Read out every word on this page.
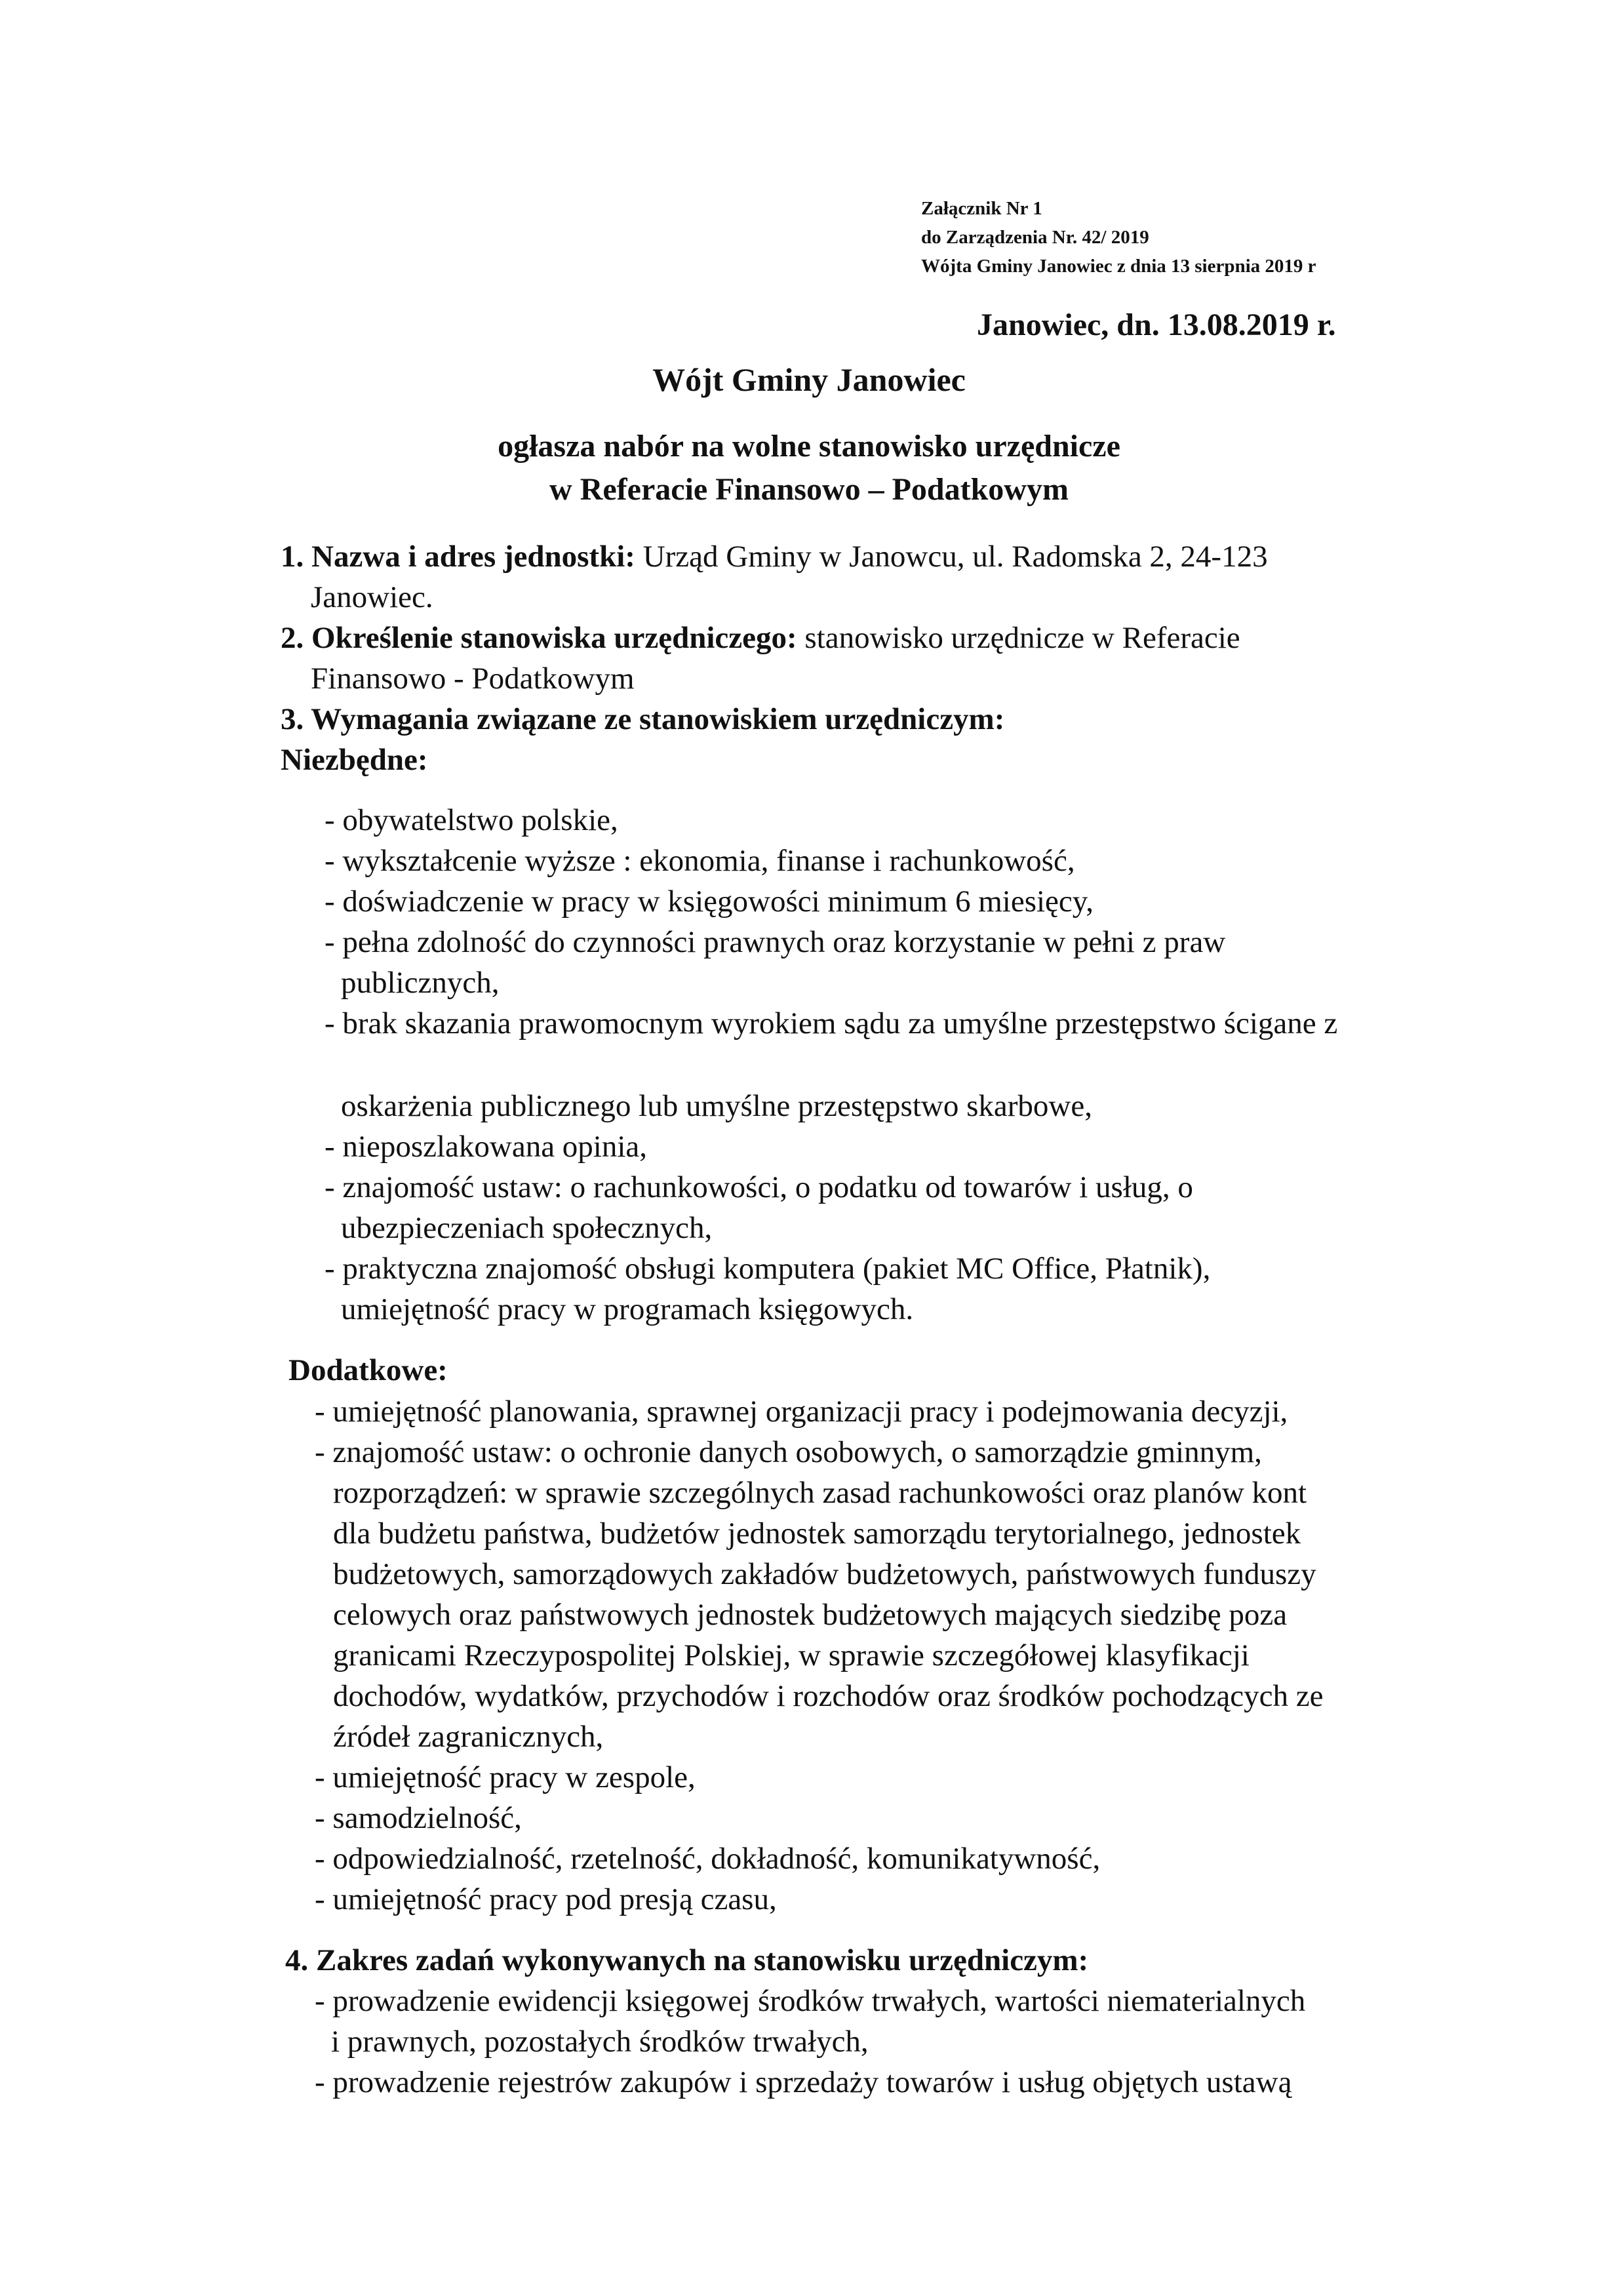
Załącznik Nr 1
do Zarządzenia Nr. 42/ 2019
Wójta Gminy Janowiec z dnia 13 sierpnia 2019 r
Janowiec, dn. 13.08.2019 r.
Wójt Gminy Janowiec
ogłasza nabór na wolne stanowisko urzędnicze
w Referacie Finansowo – Podatkowym
1. Nazwa i adres jednostki: Urząd Gminy w Janowcu, ul. Radomska 2, 24-123
Janowiec.
2. Określenie stanowiska urzędniczego: stanowisko urzędnicze w Referacie
Finansowo - Podatkowym
3. Wymagania związane ze stanowiskiem urzędniczym:
Niezbędne:
- obywatelstwo polskie,
- wykształcenie wyższe : ekonomia, finanse i rachunkowość,
- doświadczenie w pracy w księgowości minimum 6 miesięcy,
- pełna zdolność do czynności prawnych oraz korzystanie w pełni z praw
publicznych,
- brak skazania prawomocnym wyrokiem sądu za umyślne przestępstwo ścigane z
oskarżenia publicznego lub umyślne przestępstwo skarbowe,
- nieposzlakowana opinia,
- znajomość ustaw: o rachunkowości, o podatku od towarów i usług, o
ubezpieczeniach społecznych,
- praktyczna znajomość obsługi komputera (pakiet MC Office, Płatnik),
umiejętność pracy w programach księgowych.
Dodatkowe:
- umiejętność planowania, sprawnej organizacji pracy i podejmowania decyzji,
- znajomość ustaw: o ochronie danych osobowych, o samorządzie gminnym,
rozporządzeń: w sprawie szczególnych zasad rachunkowości oraz planów kont
dla budżetu państwa, budżetów jednostek samorządu terytorialnego, jednostek
budżetowych, samorządowych zakładów budżetowych, państwowych funduszy
celowych oraz państwowych jednostek budżetowych mających siedzibę poza
granicami Rzeczypospolitej Polskiej, w sprawie szczegółowej klasyfikacji
dochodów, wydatków, przychodów i rozchodów oraz środków pochodzących ze
źródeł zagranicznych,
- umiejętność pracy w zespole,
- samodzielność,
- odpowiedzialność, rzetelność, dokładność, komunikatywność,
- umiejętność pracy pod presją czasu,
4. Zakres zadań wykonywanych na stanowisku urzędniczym:
- prowadzenie ewidencji księgowej środków trwałych, wartości niematerialnych
i prawnych, pozostałych środków trwałych,
- prowadzenie rejestrów zakupów i sprzedaży towarów i usług objętych ustawą
